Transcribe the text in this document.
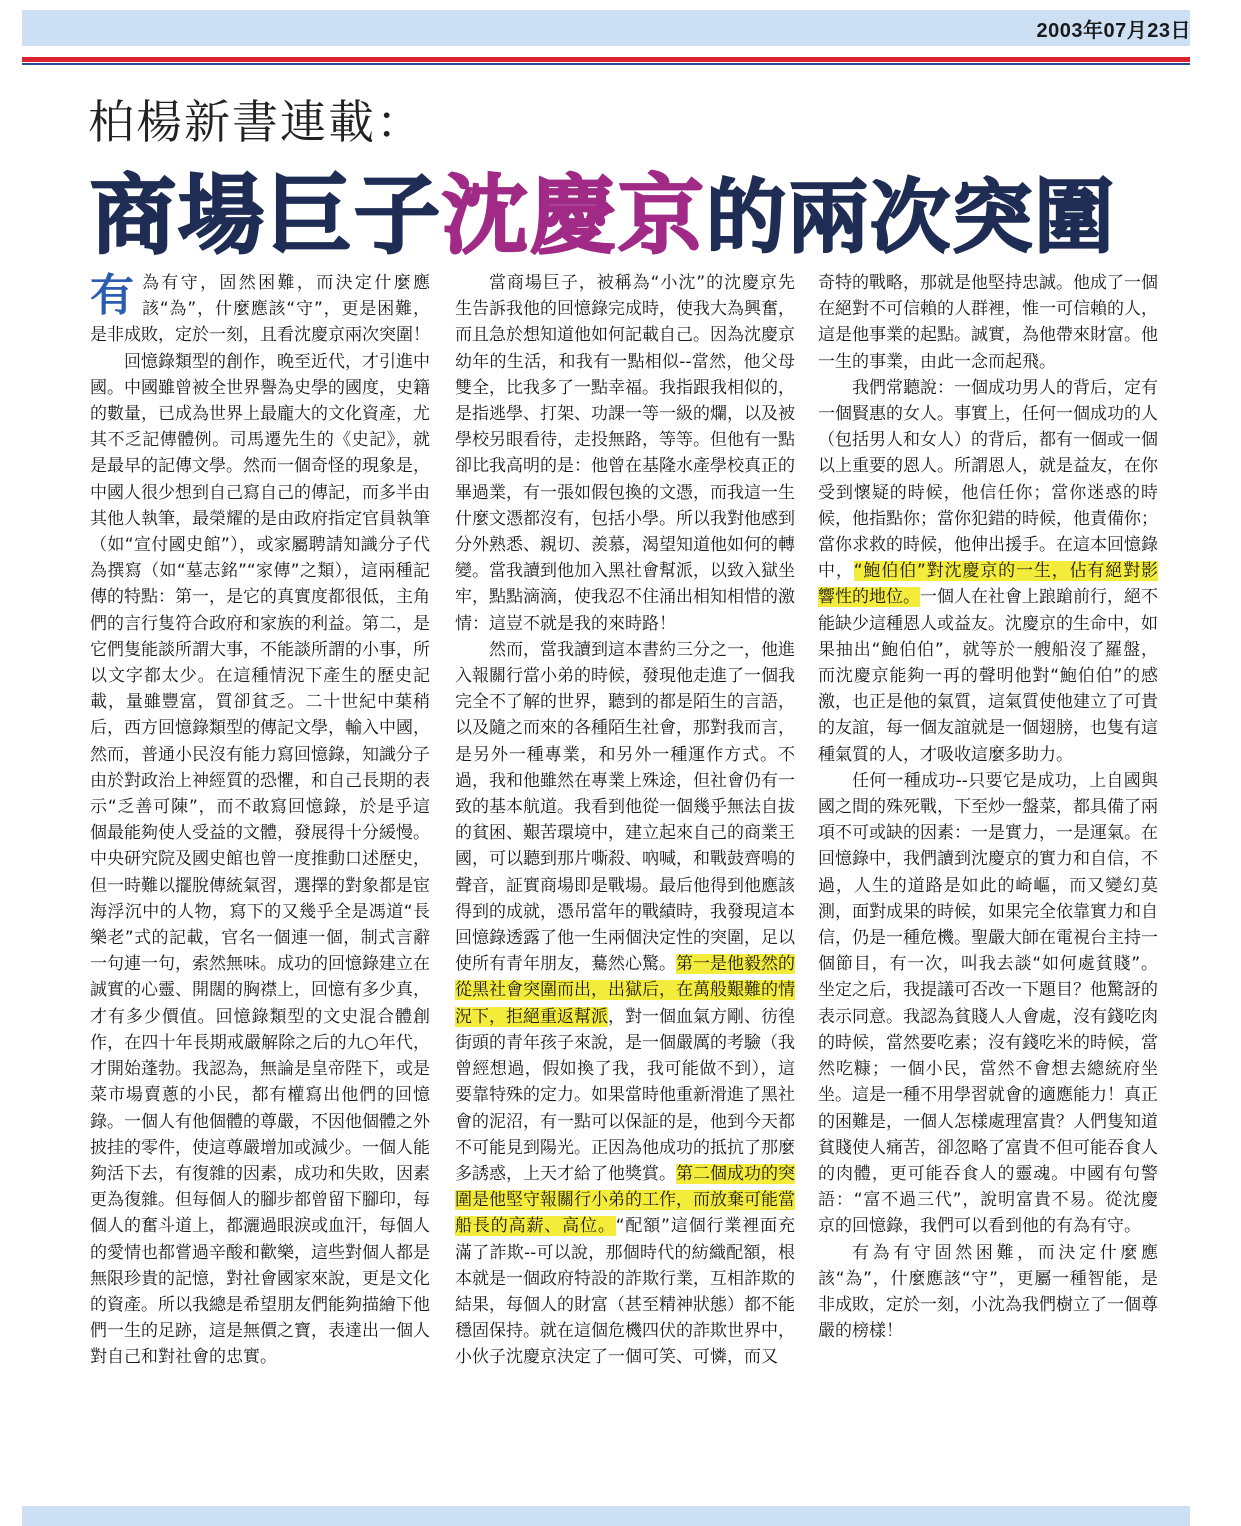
2003年07月23日
柏楊新書連載：
商場巨子沈慶京的兩次突圍

有為有守，固然困難，而決定什麼應該“為”，什麼應該“守”，更是困難，是非成敗，定於一刻，且看沈慶京兩次突圍！

回憶錄類型的創作，晚至近代，才引進中國。中國雖曾被全世界譽為史學的國度，史籍的數量，已成為世界上最龐大的文化資產，尤其不乏記傳體例。司馬遷先生的《史記》，就是最早的記傳文學。然而一個奇怪的現象是，中國人很少想到自己寫自己的傳記，而多半由其他人執筆，最榮耀的是由政府指定官員執筆（如“宣付國史館”），或家屬聘請知識分子代為撰寫（如“墓志銘”“家傳”之類），這兩種記傳的特點：第一，是它的真實度都很低，主角們的言行隻符合政府和家族的利益。第二，是它們隻能談所謂大事，不能談所謂的小事，所以文字都太少。在這種情況下產生的歷史記載，量雖豐富，質卻貧乏。二十世紀中葉稍后，西方回憶錄類型的傳記文學，輸入中國，然而，普通小民沒有能力寫回憶錄，知識分子由於對政治上神經質的恐懼，和自己長期的表示“乏善可陳”，而不敢寫回憶錄，於是乎這個最能夠使人受益的文體，發展得十分緩慢。中央研究院及國史館也曾一度推動口述歷史，但一時難以擺脫傳統氣習，選擇的對象都是宦海浮沉中的人物，寫下的又幾乎全是馮道“長樂老”式的記載，官名一個連一個，制式言辭一句連一句，索然無味。成功的回憶錄建立在誠實的心靈、開闊的胸襟上，回憶有多少真，才有多少價值。回憶錄類型的文史混合體創作，在四十年長期戒嚴解除之后的九○年代，才開始蓬勃。我認為，無論是皇帝陛下，或是菜市場賣蔥的小民，都有權寫出他們的回憶錄。一個人有他個體的尊嚴，不因他個體之外披挂的零件，使這尊嚴增加或減少。一個人能夠活下去，有復雜的因素，成功和失敗，因素更為復雜。但每個人的腳步都曾留下腳印，每個人的奮斗道上，都灑過眼淚或血汗，每個人的愛情也都嘗過辛酸和歡樂，這些對個人都是無限珍貴的記憶，對社會國家來說，更是文化的資產。所以我總是希望朋友們能夠描繪下他們一生的足跡，這是無價之寶，表達出一個人對自己和對社會的忠實。

當商場巨子，被稱為“小沈”的沈慶京先生告訴我他的回憶錄完成時，使我大為興奮，而且急於想知道他如何記載自己。因為沈慶京幼年的生活，和我有一點相似--當然，他父母雙全，比我多了一點幸福。我指跟我相似的，是指逃學、打架、功課一等一級的爛，以及被學校另眼看待，走投無路，等等。但他有一點卻比我高明的是：他曾在基隆水產學校真正的畢過業，有一張如假包換的文憑，而我這一生什麼文憑都沒有，包括小學。所以我對他感到分外熟悉、親切、羨慕，渴望知道他如何的轉變。當我讀到他加入黑社會幫派，以致入獄坐牢，點點滴滴，使我忍不住涌出相知相惜的激情：這豈不就是我的來時路！

然而，當我讀到這本書約三分之一，他進入報關行當小弟的時候，發現他走進了一個我完全不了解的世界，聽到的都是陌生的言語，以及隨之而來的各種陌生社會，那對我而言，是另外一種專業，和另外一種運作方式。不過，我和他雖然在專業上殊途，但社會仍有一致的基本航道。我看到他從一個幾乎無法自拔的貧困、艱苦環境中，建立起來自己的商業王國，可以聽到那片嘶殺、吶喊，和戰鼓齊鳴的聲音，証實商場即是戰場。最后他得到他應該得到的成就，憑吊當年的戰績時，我發現這本回憶錄透露了他一生兩個決定性的突圍，足以使所有青年朋友，驀然心驚。第一是他毅然的從黑社會突圍而出，出獄后，在萬般艱難的情況下，拒絕重返幫派，對一個血氣方剛、彷徨街頭的青年孩子來說，是一個嚴厲的考驗（我曾經想過，假如換了我，我可能做不到），這要靠特殊的定力。如果當時他重新滑進了黑社會的泥沼，有一點可以保証的是，他到今天都不可能見到陽光。正因為他成功的抵抗了那麼多誘惑，上天才給了他獎賞。第二個成功的突圍是他堅守報關行小弟的工作，而放棄可能當船長的高薪、高位。“配額”這個行業裡面充滿了詐欺--可以說，那個時代的紡織配額，根本就是一個政府特設的詐欺行業，互相詐欺的結果，每個人的財富（甚至精神狀態）都不能穩固保持。就在這個危機四伏的詐欺世界中，小伙子沈慶京決定了一個可笑、可憐，而又

奇特的戰略，那就是他堅持忠誠。他成了一個在絕對不可信賴的人群裡，惟一可信賴的人，這是他事業的起點。誠實，為他帶來財富。他一生的事業，由此一念而起飛。

我們常聽說：一個成功男人的背后，定有一個賢惠的女人。事實上，任何一個成功的人（包括男人和女人）的背后，都有一個或一個以上重要的恩人。所謂恩人，就是益友，在你受到懷疑的時候，他信任你；當你迷惑的時候，他指點你；當你犯錯的時候，他責備你；當你求救的時候，他伸出援手。在這本回憶錄中，“鮑伯伯”對沈慶京的一生，佔有絕對影響性的地位。一個人在社會上踉蹌前行，絕不能缺少這種恩人或益友。沈慶京的生命中，如果抽出“鮑伯伯”，就等於一艘船沒了羅盤，而沈慶京能夠一再的聲明他對“鮑伯伯”的感激，也正是他的氣質，這氣質使他建立了可貴的友誼，每一個友誼就是一個翅膀，也隻有這種氣質的人，才吸收這麼多助力。

任何一種成功--只要它是成功，上自國與國之間的殊死戰，下至炒一盤菜，都具備了兩項不可或缺的因素：一是實力，一是運氣。在回憶錄中，我們讀到沈慶京的實力和自信，不過，人生的道路是如此的崎嶇，而又變幻莫測，面對成果的時候，如果完全依靠實力和自信，仍是一種危機。聖嚴大師在電視台主持一個節目，有一次，叫我去談“如何處貧賤”。坐定之后，我提議可否改一下題目？他驚訝的表示同意。我認為貧賤人人會處，沒有錢吃肉的時候，當然要吃素；沒有錢吃米的時候，當然吃糠；一個小民，當然不會想去總統府坐坐。這是一種不用學習就會的適應能力！真正的困難是，一個人怎樣處理富貴？人們隻知道貧賤使人痛苦，卻忽略了富貴不但可能吞食人的肉體，更可能吞食人的靈魂。中國有句警語：“富不過三代”，說明富貴不易。從沈慶京的回憶錄，我們可以看到他的有為有守。

有為有守固然困難，而決定什麼應該“為”，什麼應該“守”，更屬一種智能，是非成敗，定於一刻，小沈為我們樹立了一個尊嚴的榜樣！
